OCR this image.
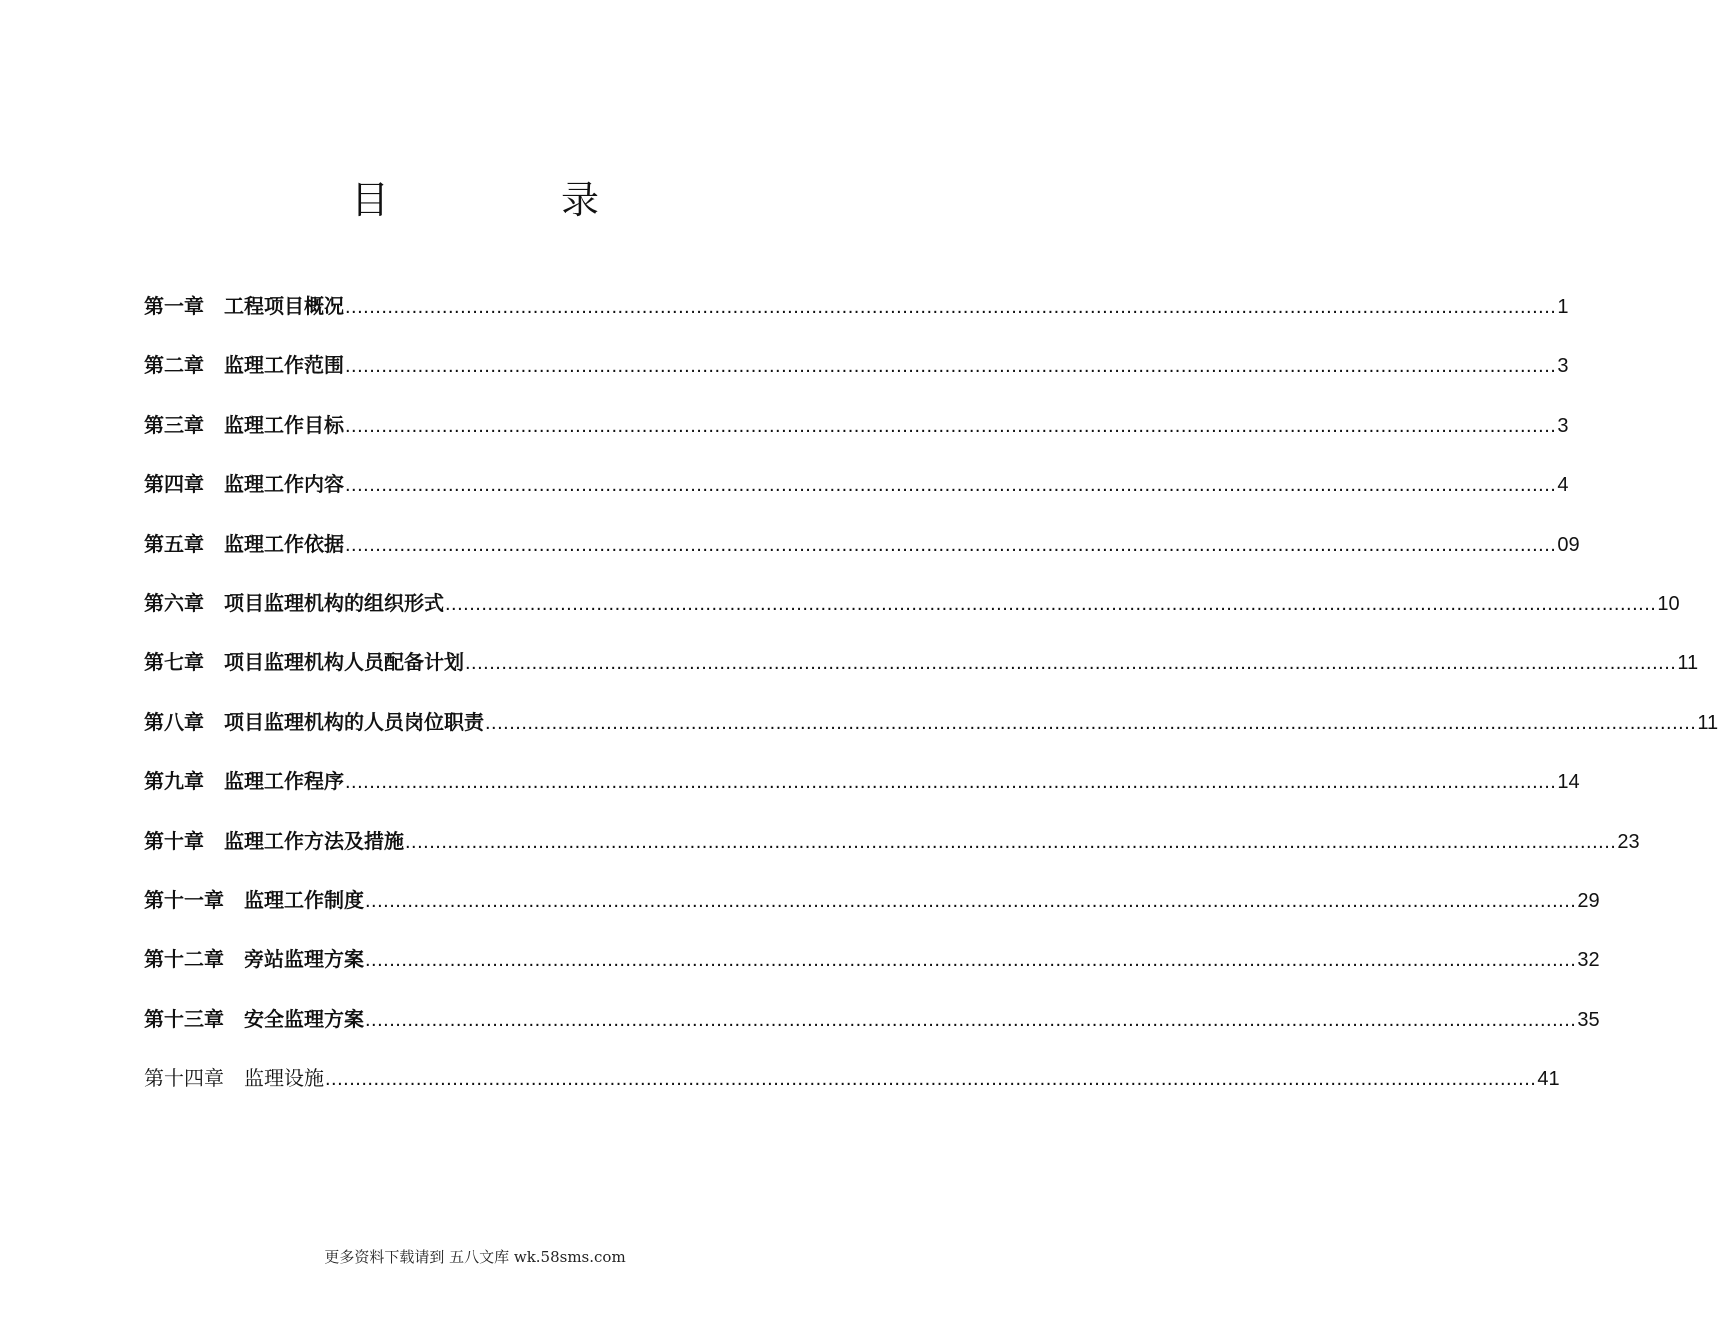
目 录
第一章 工程项目概况 ........................................................................................................................................................................................................ 1
第二章 监理工作范围 ........................................................................................................................................................................................................ 3
第三章 监理工作目标 ........................................................................................................................................................................................................ 3
第四章 监理工作内容 ........................................................................................................................................................................................................ 4
第五章 监理工作依据 ........................................................................................................................................................................................................ 09
第六章 项目监理机构的组织形式 ........................................................................................................................................................................................................ 10
第七章 项目监理机构人员配备计划 ........................................................................................................................................................................................................ 11
第八章 项目监理机构的人员岗位职责 ........................................................................................................................................................................................................ 11
第九章 监理工作程序 ........................................................................................................................................................................................................ 14
第十章 监理工作方法及措施 ........................................................................................................................................................................................................ 23
第十一章 监理工作制度 ........................................................................................................................................................................................................ 29
第十二章 旁站监理方案 ........................................................................................................................................................................................................ 32
第十三章 安全监理方案 ........................................................................................................................................................................................................ 35
第十四章 监理设施 ........................................................................................................................................................................................................ 41
更多资料下载请到 五八文库 wk.58sms.com
